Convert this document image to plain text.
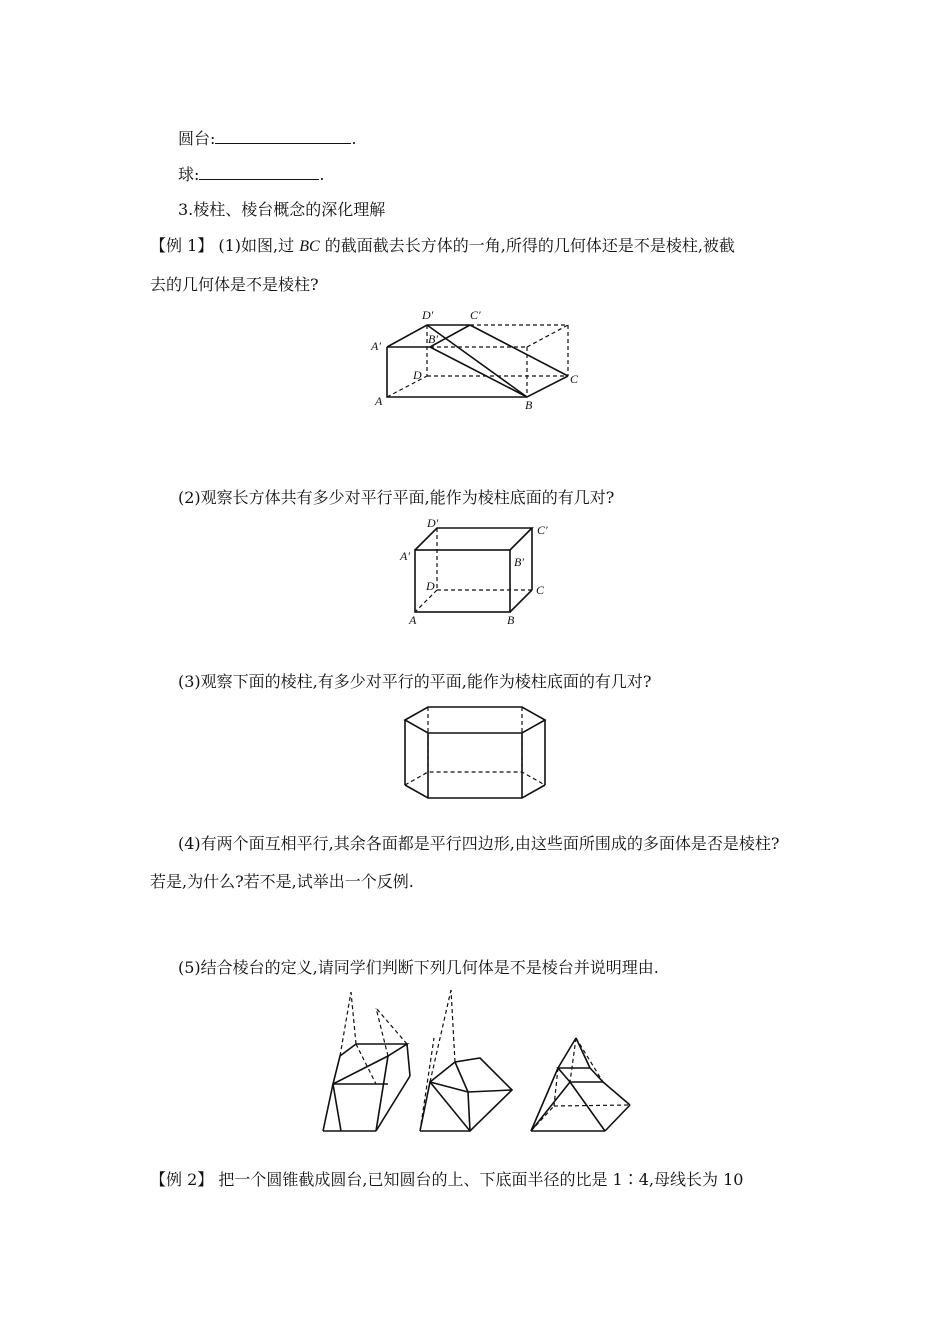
圆台:	.
球:	.
3.棱柱、棱台概念的深化理解
【例 1】 (1)如图,过 BC 的截面截去长方体的一角,所得的几何体还是不是棱柱,被截
去的几何体是不是棱柱?
D′	C′
A′	B′
D	C
A	B
(2)观察长方体共有多少对平行平面,能作为棱柱底面的有几对?
D′	C′
A′	B′
D	C
A	B
(3)观察下面的棱柱,有多少对平行的平面,能作为棱柱底面的有几对?
(4)有两个面互相平行,其余各面都是平行四边形,由这些面所围成的多面体是否是棱柱?
若是,为什么?若不是,试举出一个反例.
(5)结合棱台的定义,请同学们判断下列几何体是不是棱台并说明理由.
【例 2】 把一个圆锥截成圆台,已知圆台的上、下底面半径的比是 1∶4,母线长为 10
